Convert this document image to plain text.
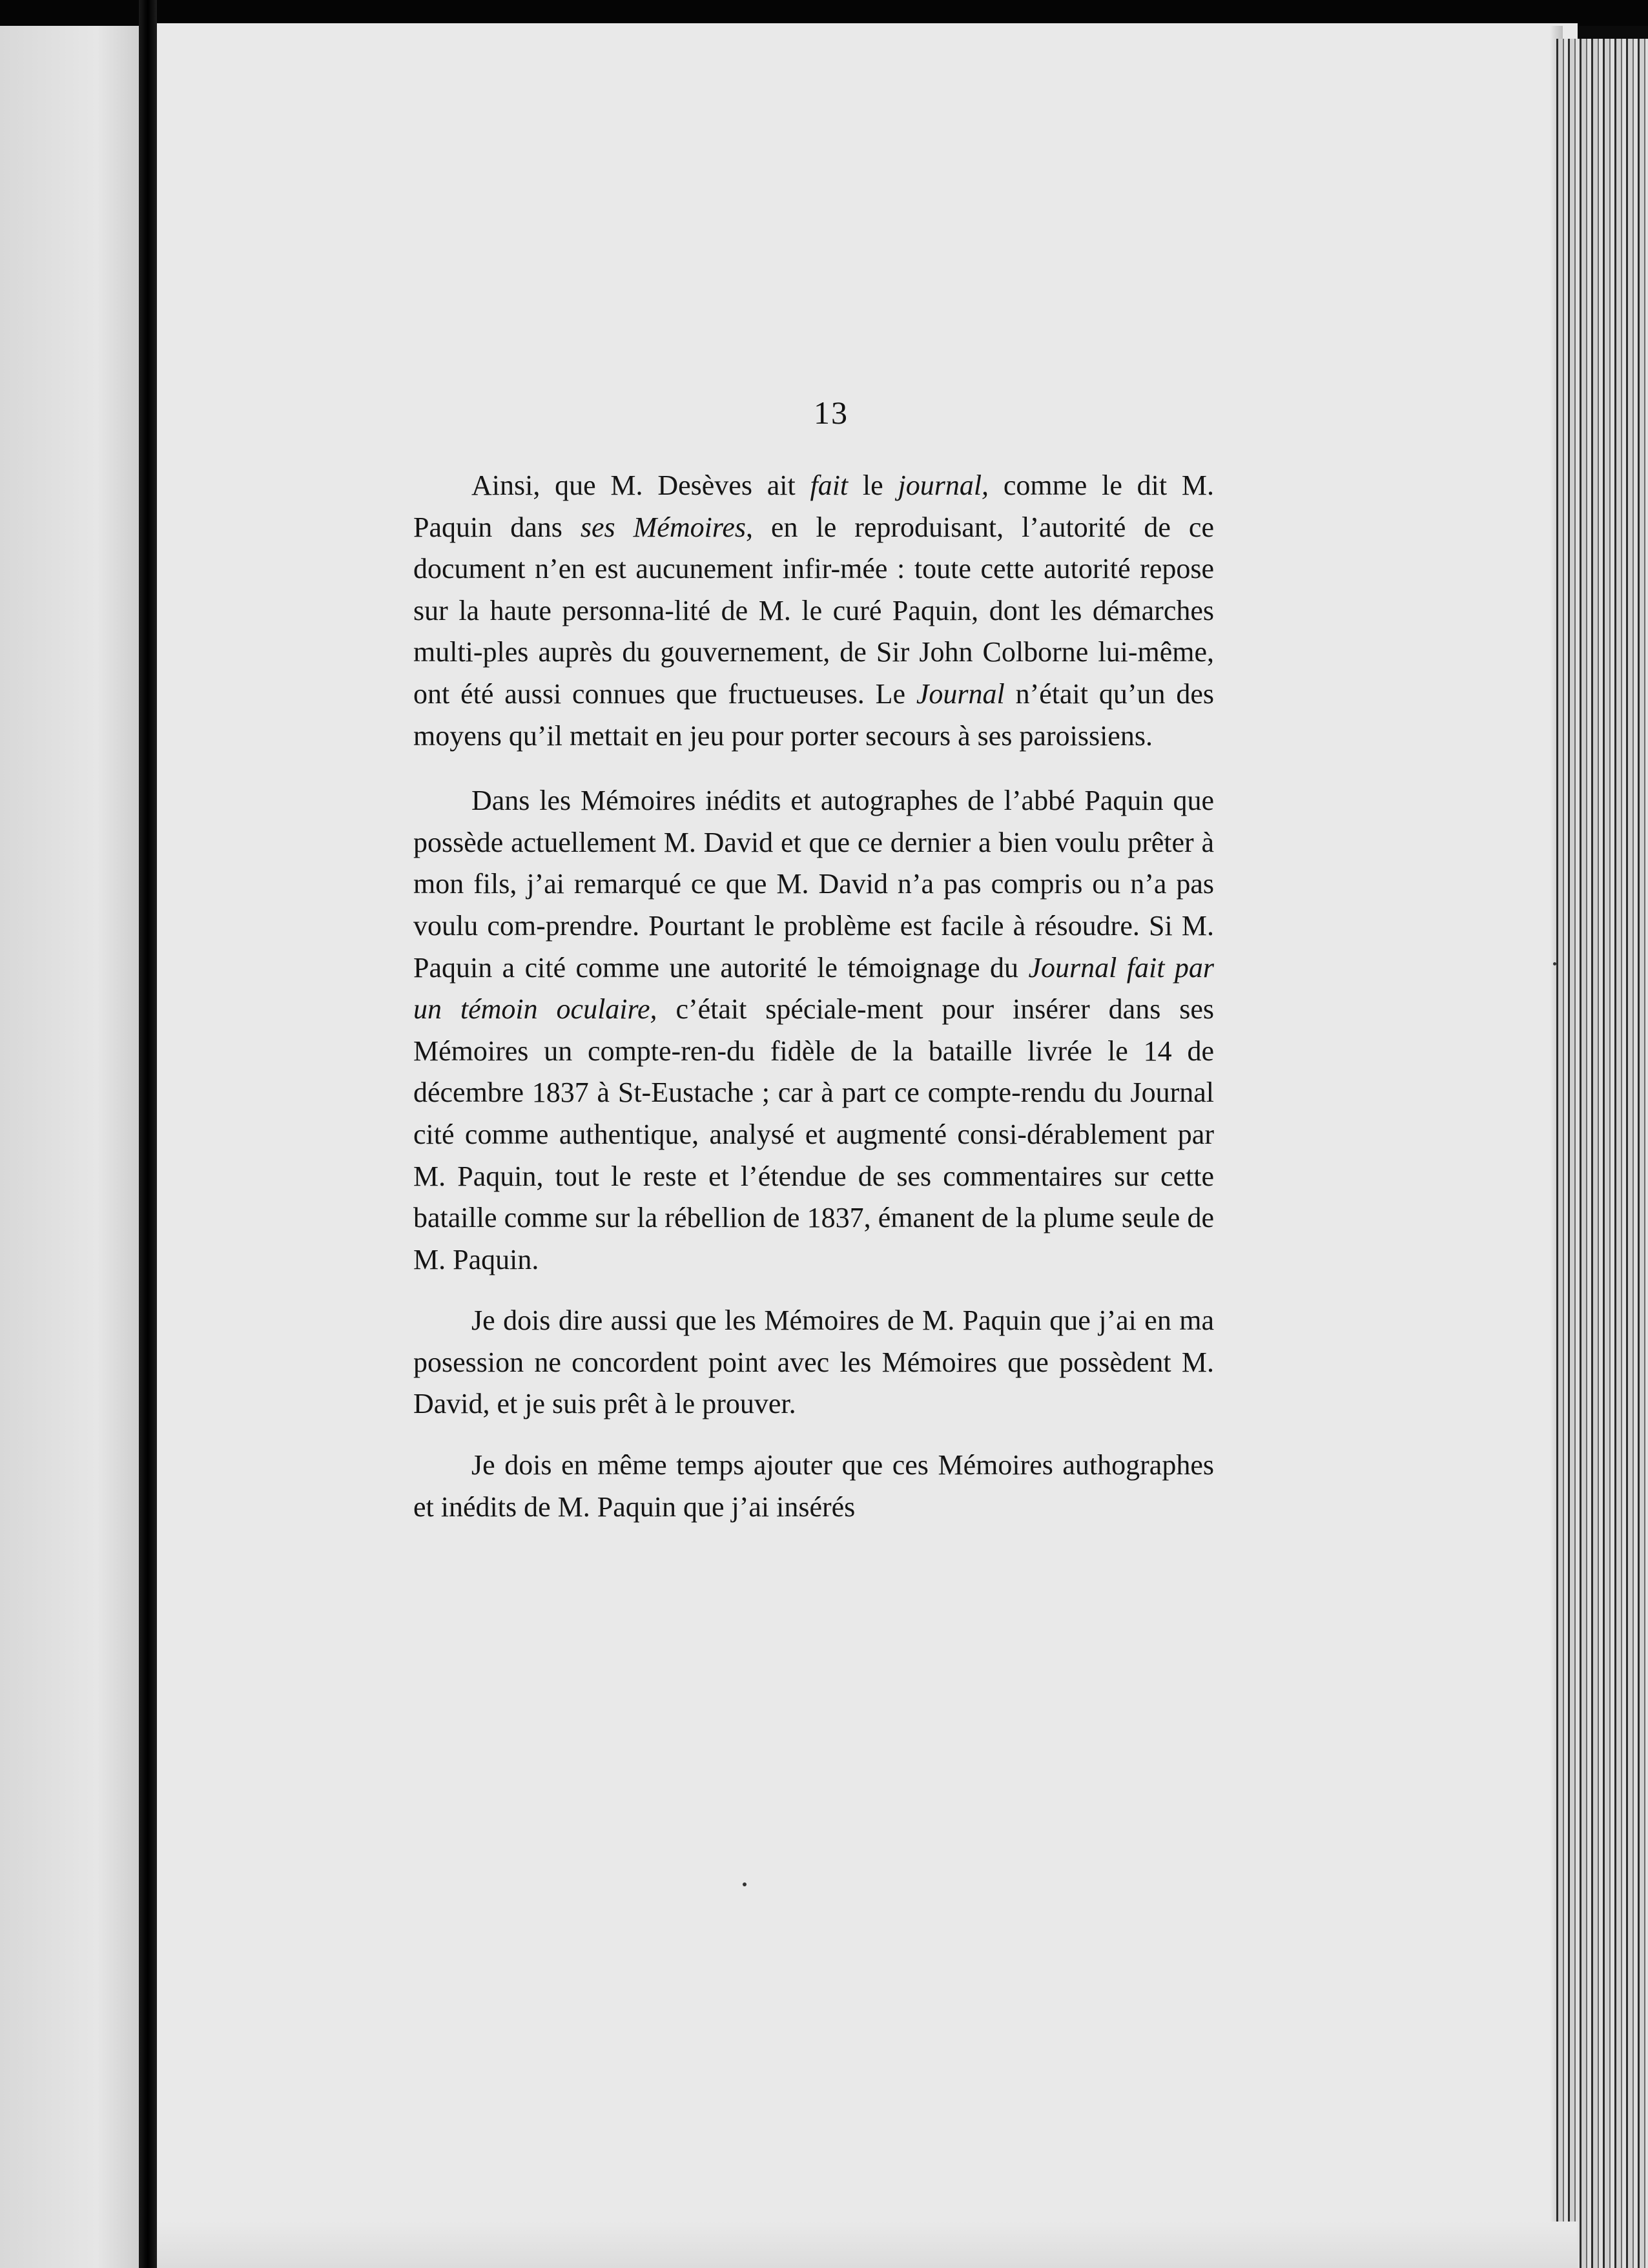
13

Ainsi, que M. Desèves ait fait le journal, comme le dit M. Paquin dans ses Mémoires, en le reproduisant, l’autorité de ce document n’en est aucunement infir-mée : toute cette autorité repose sur la haute personna-lité de M. le curé Paquin, dont les démarches multi-ples auprès du gouvernement, de Sir John Colborne lui-même, ont été aussi connues que fructueuses. Le Journal n’était qu’un des moyens qu’il mettait en jeu pour porter secours à ses paroissiens.

Dans les Mémoires inédits et autographes de l’abbé Paquin que possède actuellement M. David et que ce dernier a bien voulu prêter à mon fils, j’ai remarqué ce que M. David n’a pas compris ou n’a pas voulu com-prendre. Pourtant le problème est facile à résoudre. Si M. Paquin a cité comme une autorité le témoignage du Journal fait par un témoin oculaire, c’était spéciale-ment pour insérer dans ses Mémoires un compte-ren-du fidèle de la bataille livrée le 14 de décembre 1837 à St-Eustache ; car à part ce compte-rendu du Journal cité comme authentique, analysé et augmenté consi-dérablement par M. Paquin, tout le reste et l’étendue de ses commentaires sur cette bataille comme sur la rébellion de 1837, émanent de la plume seule de M. Paquin.

Je dois dire aussi que les Mémoires de M. Paquin que j’ai en ma posession ne concordent point avec les Mémoires que possèdent M. David, et je suis prêt à le prouver.

Je dois en même temps ajouter que ces Mémoires authographes et inédits de M. Paquin que j’ai insérés
